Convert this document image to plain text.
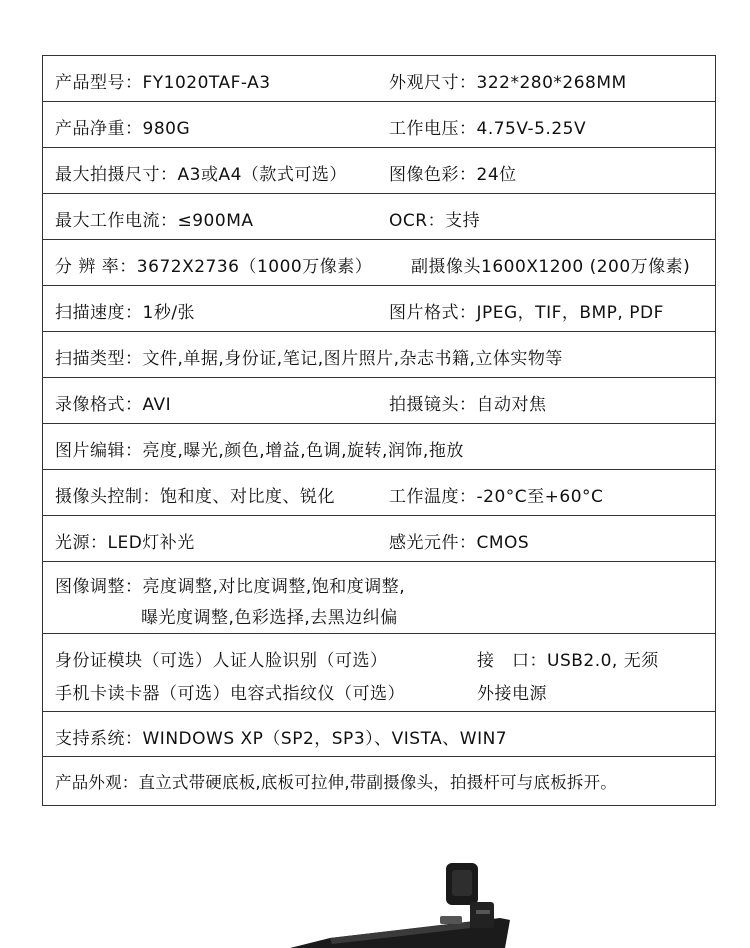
产品型号：FY1020TAF-A3	外观尺寸：322*280*268MM
产品净重：980G	工作电压：4.75V-5.25V
最大拍摄尺寸：A3或A4（款式可选） 图像色彩：24位
最大工作电流：≤900MA	OCR：支持
分 辨 率：3672X2736（1000万像素） 副摄像头1600X1200 (200万像素)
扫描速度：1秒/张	图片格式：JPEG，TIF，BMP, PDF
扫描类型：文件,单据,身份证,笔记,图片照片,杂志书籍,立体实物等
录像格式：AVI	拍摄镜头：自动对焦
图片编辑：亮度,曝光,颜色,增益,色调,旋转,润饰,拖放
摄像头控制：饱和度、对比度、锐化	工作温度：-20°C至+60°C
光源：LED灯补光	感光元件：CMOS
图像调整：亮度调整,对比度调整,饱和度调整,
曝光度调整,色彩选择,去黑边纠偏
身份证模块（可选）人证人脸识别（可选）	接　口：USB2.0, 无须
手机卡读卡器（可选）电容式指纹仪（可选）	外接电源
支持系统：WINDOWS XP（SP2，SP3）、VISTA、WIN7
产品外观：直立式带硬底板,底板可拉伸,带副摄像头，拍摄杆可与底板拆开。
